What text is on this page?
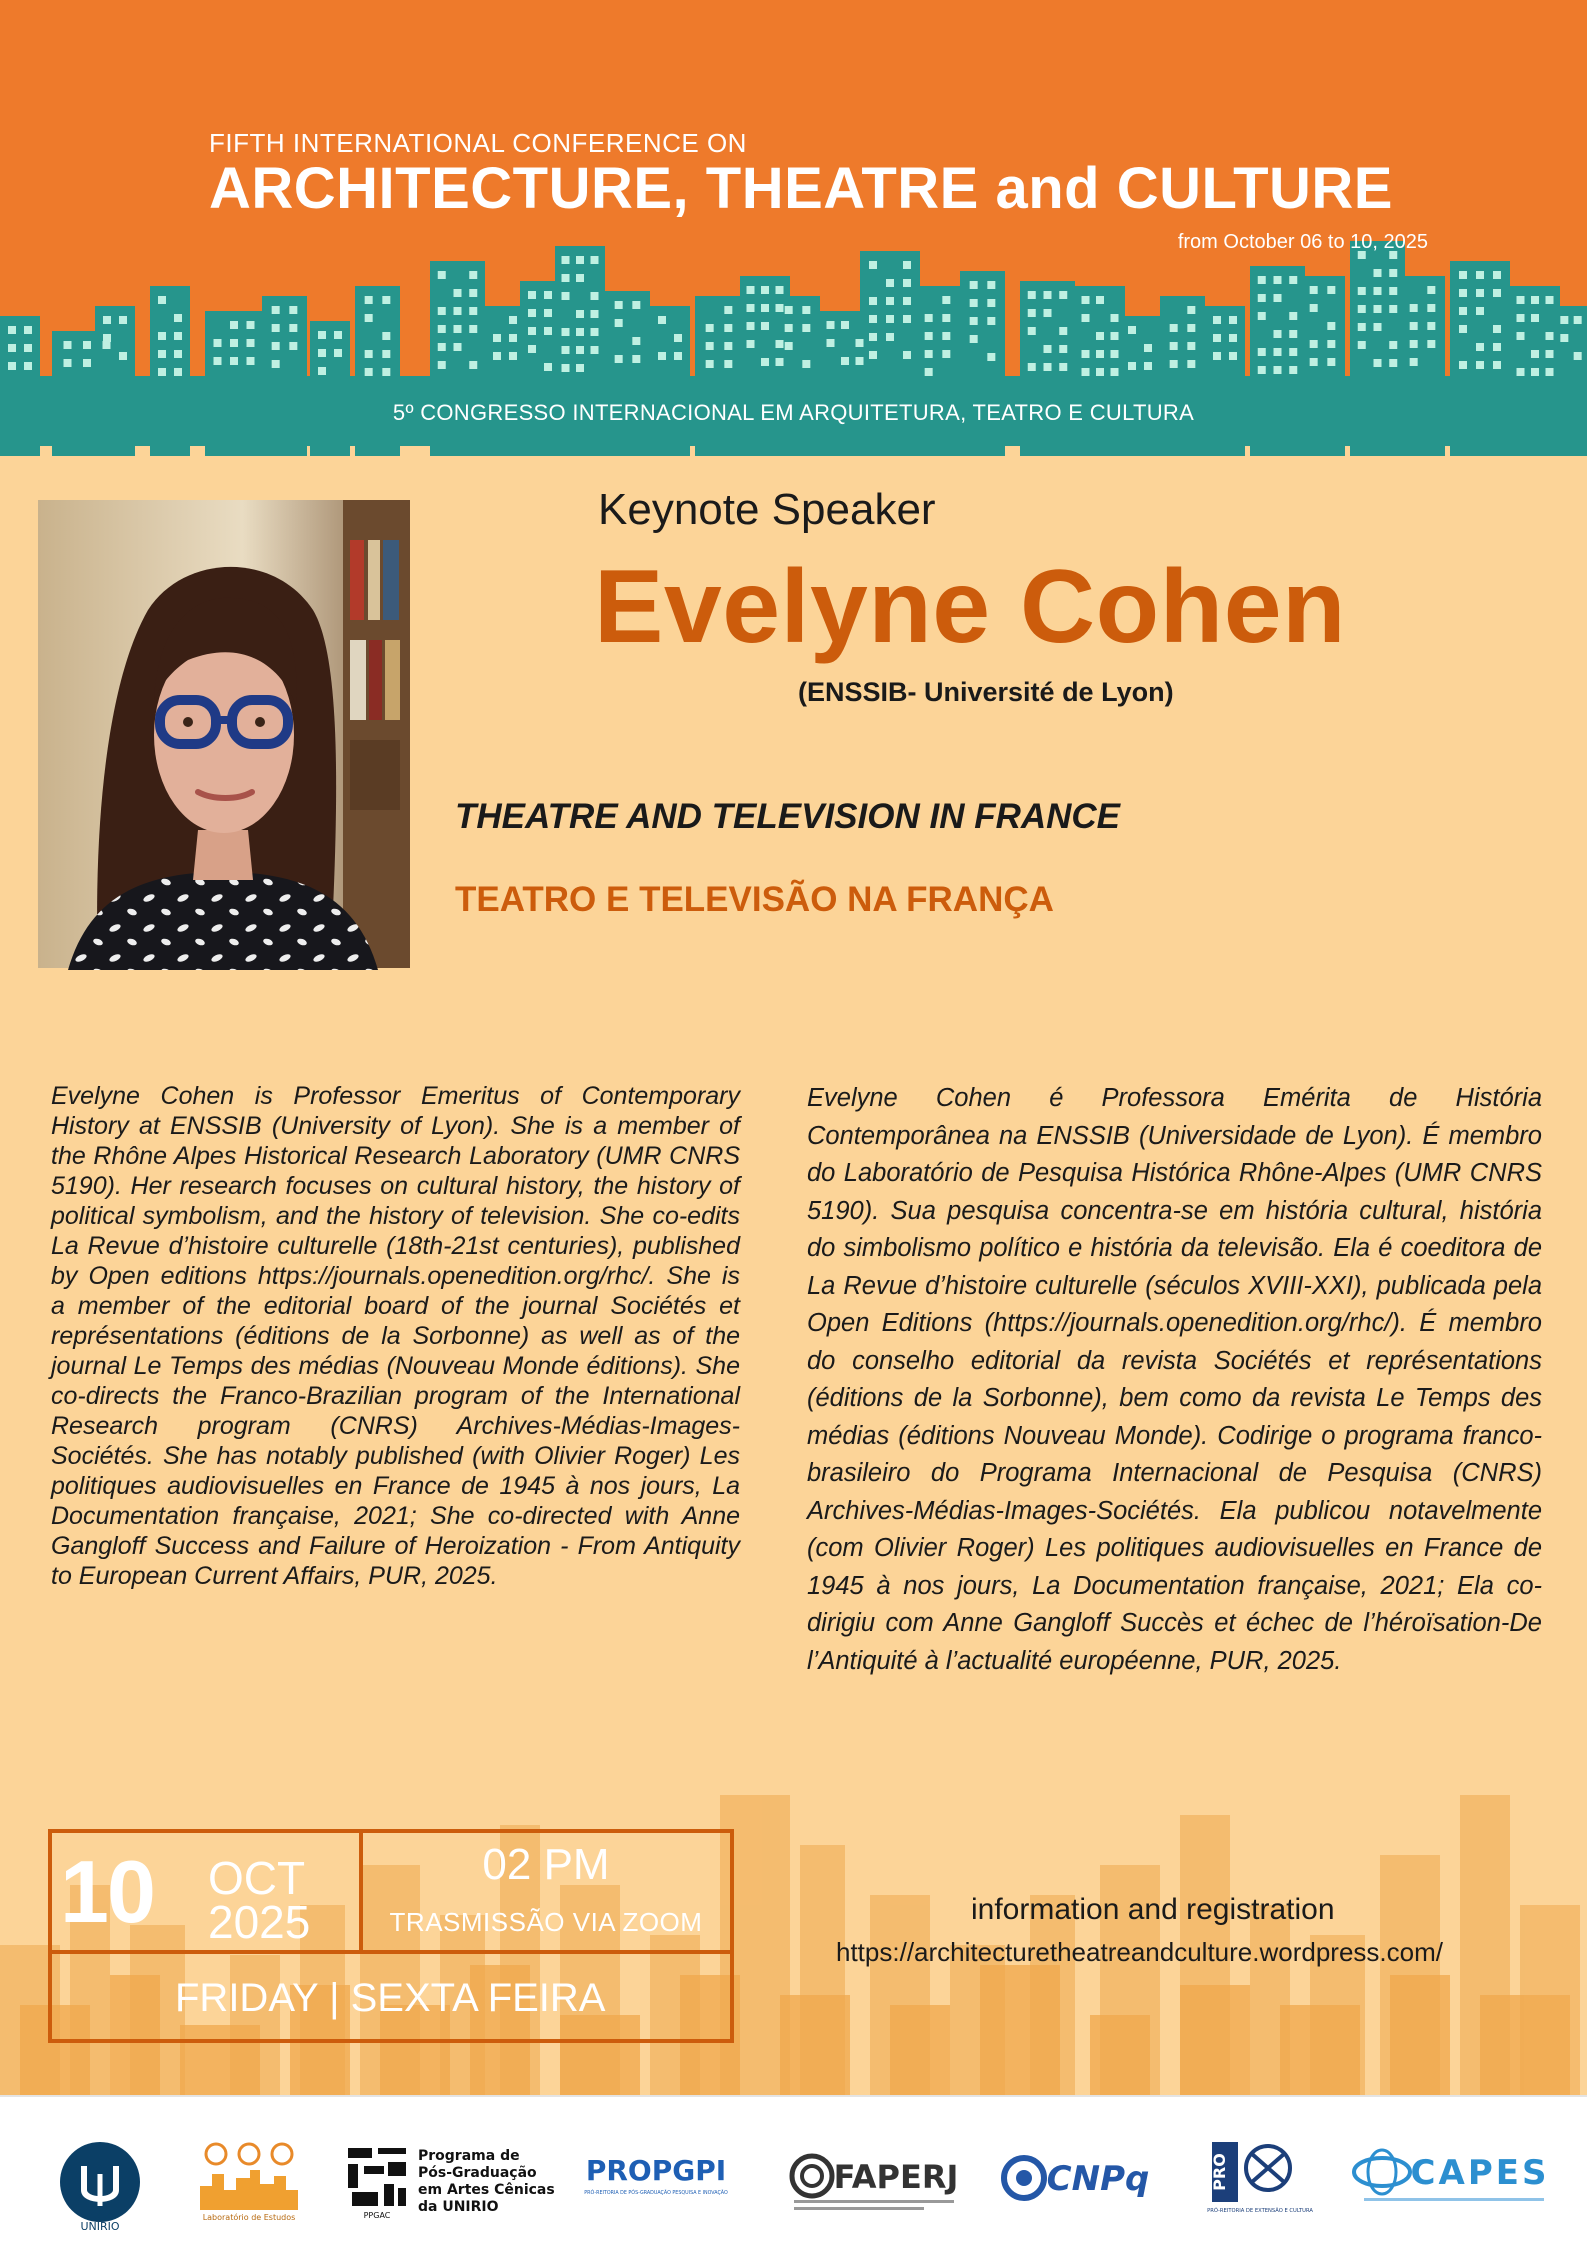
FIFTH INTERNATIONAL CONFERENCE ON
ARCHITECTURE, THEATRE and CULTURE
from October 06 to 10, 2025
5º CONGRESSO INTERNACIONAL EM ARQUITETURA, TEATRO E CULTURA
Keynote Speaker
Evelyne Cohen
(ENSSIB- Université de Lyon)
THEATRE AND TELEVISION IN FRANCE
TEATRO E TELEVISÃO NA FRANÇA
Evelyne Cohen is Professor Emeritus of Contemporary History at ENSSIB (University of Lyon). She is a member of the Rhône Alpes Historical Research Laboratory (UMR CNRS 5190). Her research focuses on cultural history, the history of political symbolism, and the history of television. She co-edits La Revue d’histoire culturelle (18th-21st centuries), published by Open editions https://journals.openedition.org/rhc/. She is a member of the editorial board of the journal Sociétés et représentations (éditions de la Sorbonne) as well as of the journal Le Temps des médias (Nouveau Monde éditions). She co-directs the Franco-Brazilian program of the International Research program (CNRS) Archives-Médias-Images-Sociétés. She has notably published (with Olivier Roger) Les politiques audiovisuelles en France de 1945 à nos jours, La Documentation française, 2021; She co-directed with Anne Gangloff Success and Failure of Heroization - From Antiquity to European Current Affairs, PUR, 2025.
Evelyne Cohen é Professora Emérita de História Contemporânea na ENSSIB (Universidade de Lyon). É membro do Laboratório de Pesquisa Histórica Rhône-Alpes (UMR CNRS 5190). Sua pesquisa concentra-se em história cultural, história do simbolismo político e história da televisão. Ela é coeditora de La Revue d’histoire culturelle (séculos XVIII-XXI), publicada pela Open Editions (https://journals.openedition.org/rhc/). É membro do conselho editorial da revista Sociétés et représentations (éditions de la Sorbonne), bem como da revista Le Temps des médias (éditions Nouveau Monde). Codirige o programa franco-brasileiro do Programa Internacional de Pesquisa (CNRS) Archives-Médias-Images-Sociétés. Ela publicou notavelmente (com Olivier Roger) Les politiques audiovisuelles en France de 1945 à nos jours, La Documentation française, 2021; Ela co-dirigiu com Anne Gangloff Succès et échec de l’héroïsation-De l’Antiquité à l’actualité européenne, PUR, 2025.
10 OCT
2025
02 PM
TRASMISSÃO VIA ZOOM
FRIDAY | SEXTA FEIRA
information and registration
https://architecturetheatreandculture.wordpress.com/
UNIRIO
Laboratório de Estudos	PPGAC
Programa de
Pós-Graduação
em Artes Cênicas
da UNIRIO
PROPGPI
PRÓ-REITORIA DE PÓS-GRADUAÇÃO PESQUISA E INOVAÇÃO	FAPERJ	CNPq	PRO
PRÓ-REITORIA DE EXTENSÃO E CULTURA
CAPES
